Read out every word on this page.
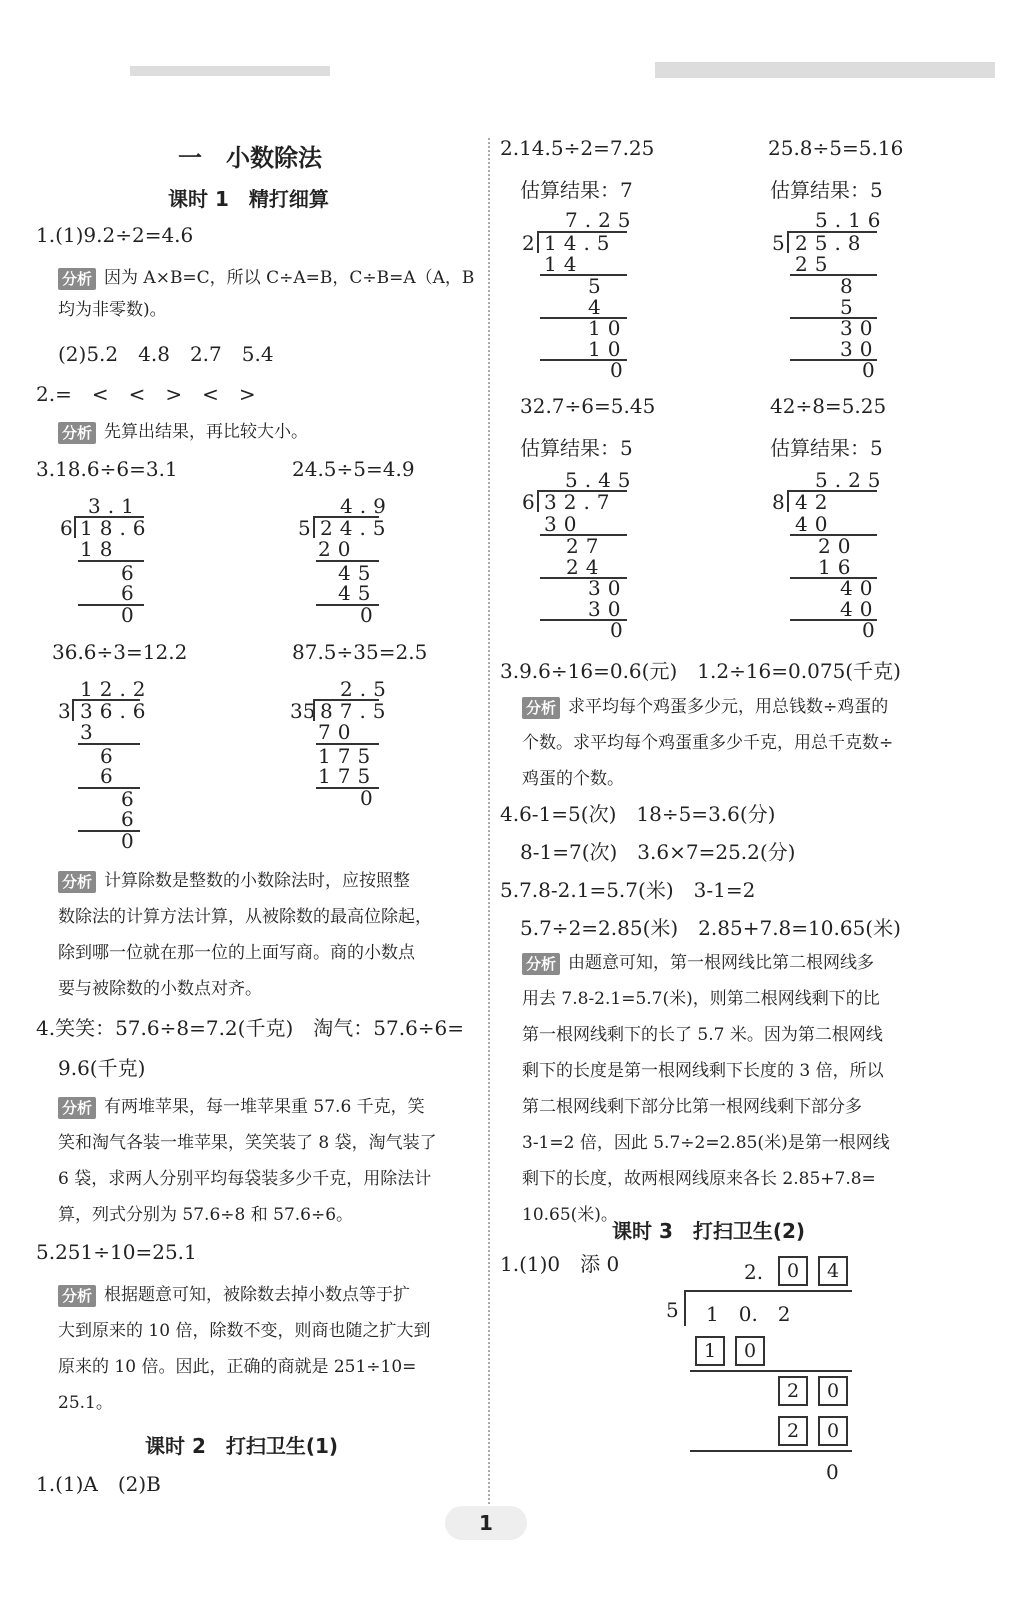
一　小数除法
课时 1　精打细算
1.(1)9.2÷2=4.6
分析 因为 A×B=C，所以 C÷A=B，C÷B=A（A，B
均为非零数)。
(2)5.2　4.8　2.7　5.4
2.=　<　<　>　<　>
分析 先算出结果，再比较大小。
3.18.6÷6=3.1	24.5÷5=4.9
3.1
6 18.6
18
6
6
0
4.9
5 24.5
20
45
45
0
36.6÷3=12.2	87.5÷35=2.5
12.2
3 36.6
3
6
6
6
6
0
2.5
35 87.5
70
175
175
0
分析 计算除数是整数的小数除法时，应按照整
数除法的计算方法计算，从被除数的最高位除起，
除到哪一位就在那一位的上面写商。商的小数点
要与被除数的小数点对齐。
4.笑笑：57.6÷8=7.2(千克)　淘气：57.6÷6=
9.6(千克)
分析 有两堆苹果，每一堆苹果重 57.6 千克，笑
笑和淘气各装一堆苹果，笑笑装了 8 袋，淘气装了
6 袋，求两人分别平均每袋装多少千克，用除法计
算，列式分别为 57.6÷8 和 57.6÷6。
5.251÷10=25.1
分析 根据题意可知，被除数去掉小数点等于扩
大到原来的 10 倍，除数不变，则商也随之扩大到
原来的 10 倍。因此，正确的商就是 251÷10=
25.1。
课时 2　打扫卫生(1)
1.(1)A　(2)B
2.14.5÷2=7.25	25.8÷5=5.16
估算结果：7	估算结果：5
7.25
2 14.5
14
5
4
10
10
0
5.16
5 25.8
25
8
5
30
30
0
32.7÷6=5.45	42÷8=5.25
估算结果：5	估算结果：5
5.45
6 32.7
30
27
24
30
30
0
5.25
8 42
40
20
16
40
40
0
3.9.6÷16=0.6(元)　1.2÷16=0.075(千克)
分析 求平均每个鸡蛋多少元，用总钱数÷鸡蛋的
个数。求平均每个鸡蛋重多少千克，用总千克数÷
鸡蛋的个数。
4.6-1=5(次)　18÷5=3.6(分)
8-1=7(次)　3.6×7=25.2(分)
5.7.8-2.1=5.7(米)　3-1=2
5.7÷2=2.85(米)　2.85+7.8=10.65(米)
分析 由题意可知，第一根网线比第二根网线多
用去 7.8-2.1=5.7(米)，则第二根网线剩下的比
第一根网线剩下的长了 5.7 米。因为第二根网线
剩下的长度是第一根网线剩下长度的 3 倍，所以
第二根网线剩下部分比第一根网线剩下部分多
3-1=2 倍，因此 5.7÷2=2.85(米)是第一根网线
剩下的长度，故两根网线原来各长 2.85+7.8=
10.65(米)。
课时 3　打扫卫生(2)
1.(1)0　添 0	2.	0	4
5 1　0.　2
1	0
2	0
2	0
0
1
